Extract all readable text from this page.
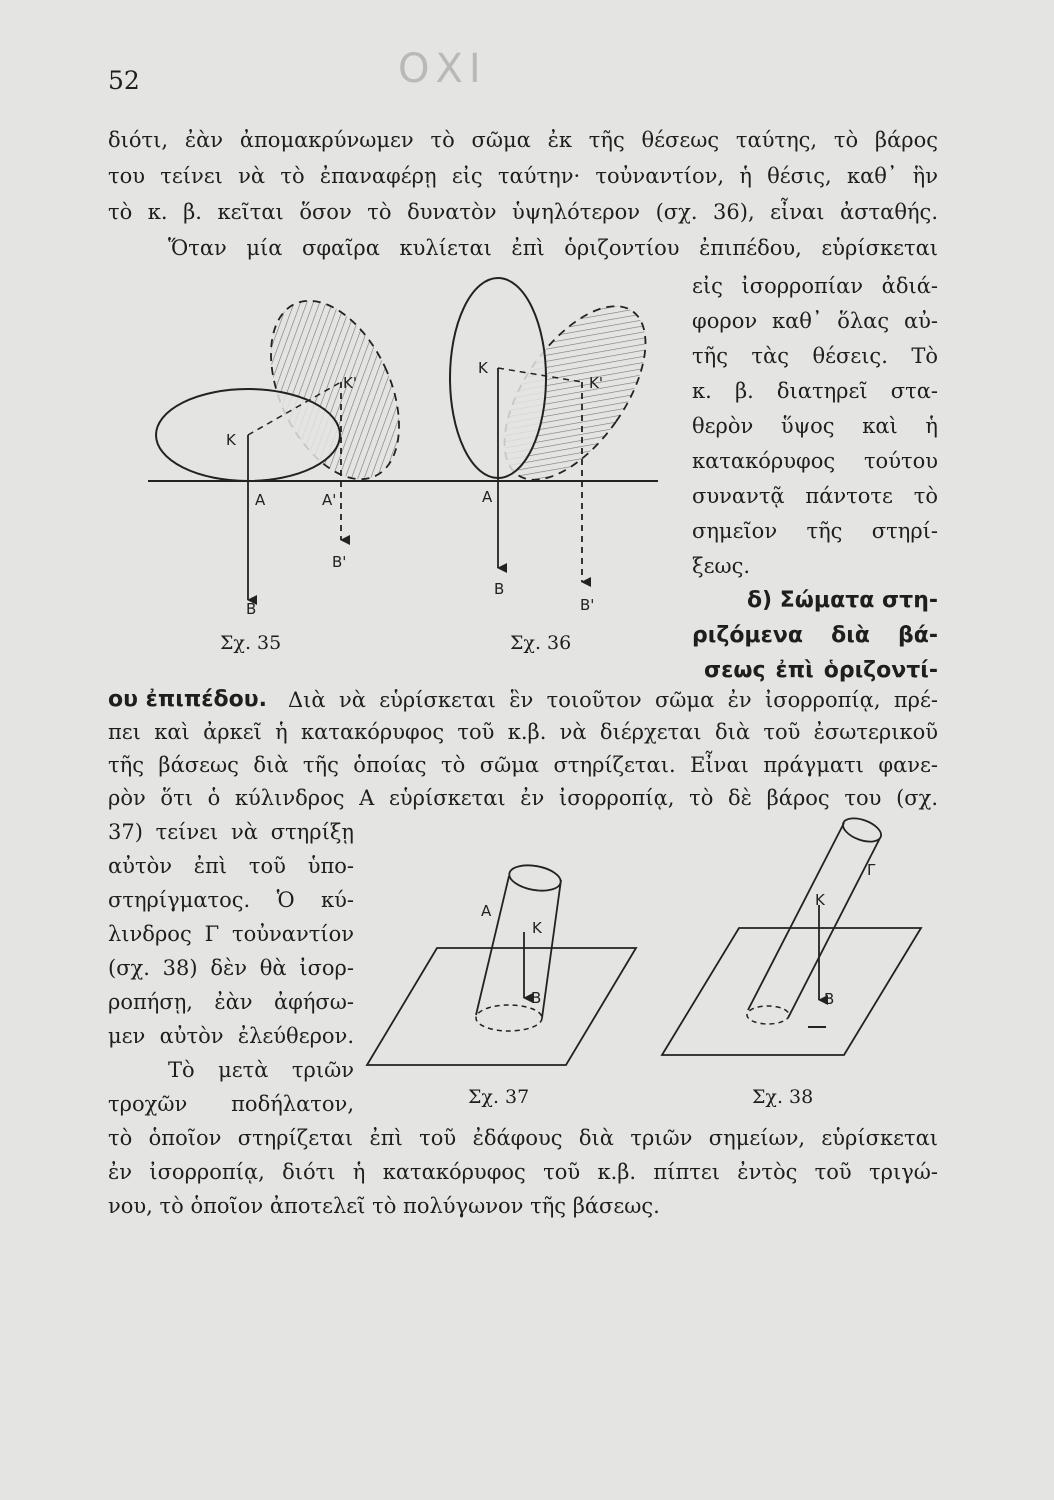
52	ΟΧΙ
διότι, ἐὰν ἀπομακρύνωμεν τὸ σῶμα ἐκ τῆς θέσεως ταύτης, τὸ βάρος
του τείνει νὰ τὸ ἐπαναφέρῃ εἰς ταύτην· τοὐναντίον, ἡ θέσις, καθ᾽ ἣν
τὸ κ. β. κεῖται ὅσον τὸ δυνατὸν ὑψηλότερον (σχ. 36), εἶναι ἀσταθής.
Ὅταν μία σφαῖρα κυλίεται ἐπὶ ὁριζοντίου ἐπιπέδου, εὑρίσκεται
εἰς ἰσορροπίαν ἀδιά-
φορον καθ᾽ ὅλας αὐ-
τῆς τὰς θέσεις. Τὸ
κ. β. διατηρεῖ στα-
θερὸν ὕψος καὶ ἡ
κατακόρυφος τούτου
συναντᾷ πάντοτε τὸ
σημεῖον τῆς στηρί-
ξεως.
δ) Σώματα στη-
ριζόμενα διὰ βά-
σεως ἐπὶ ὁριζοντί-
ου ἐπιπέδου. Διὰ νὰ εὑρίσκεται ἓν τοιοῦτον σῶμα ἐν ἰσορροπίᾳ, πρέ-
πει καὶ ἀρκεῖ ἡ κατακόρυφος τοῦ κ.β. νὰ διέρχεται διὰ τοῦ ἐσωτερικοῦ
τῆς βάσεως διὰ τῆς ὁποίας τὸ σῶμα στηρίζεται. Εἶναι πράγματι φανε-
ρὸν ὅτι ὁ κύλινδρος Α εὑρίσκεται ἐν ἰσορροπίᾳ, τὸ δὲ βάρος του (σχ.
37) τείνει νὰ στηρίξῃ
αὐτὸν ἐπὶ τοῦ ὑπο-
στηρίγματος. Ὁ κύ-
λινδρος Γ τοὐναντίον
(σχ. 38) δὲν θὰ ἰσορ-
ροπήσῃ, ἐὰν ἀφήσω-
μεν αὐτὸν ἐλεύθερον.
Τὸ μετὰ τριῶν
τροχῶν ποδήλατον,
τὸ ὁποῖον στηρίζεται ἐπὶ τοῦ ἐδάφους διὰ τριῶν σημείων, εὑρίσκεται
ἐν ἰσορροπίᾳ, διότι ἡ κατακόρυφος τοῦ κ.β. πίπτει ἐντὸς τοῦ τριγώ-
νου, τὸ ὁποῖον ἀποτελεῖ τὸ πολύγωνον τῆς βάσεως.
Σχ. 35	Σχ. 36
Σχ. 37	Σχ. 38
K
K'
A	A'
B
B'
K
K'
A
B
B'
A
K
B
Γ
K
B
